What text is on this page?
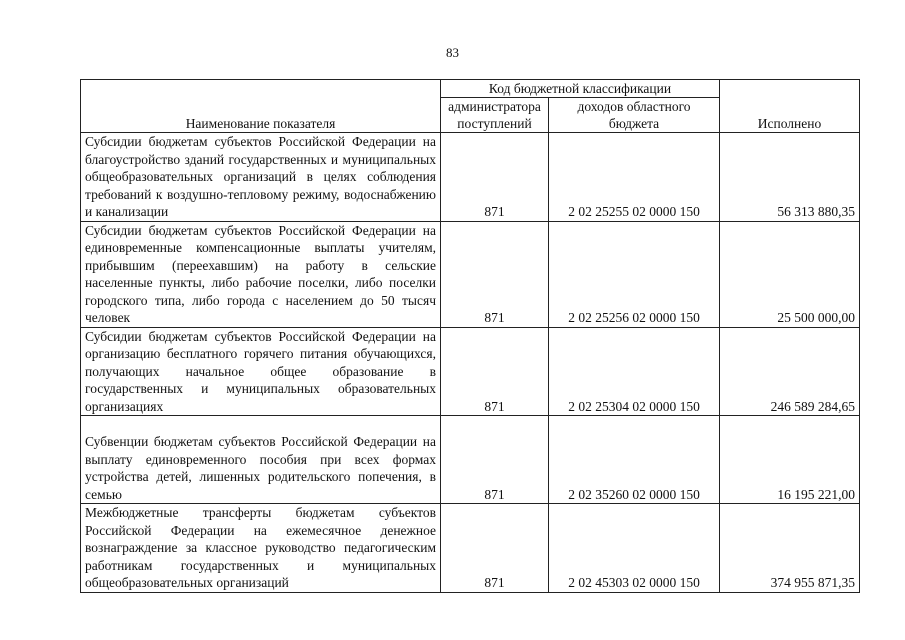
83
Наименование показателя	Код бюджетной классификации		Исполнено
	администратора поступлений	доходов областного бюджета	
Субсидии бюджетам субъектов Российской Федерации на благоустройство зданий государственных и муниципальных общеобразовательных организаций в целях соблюдения требований к воздушно-тепловому режиму, водоснабжению и канализации	871	2 02 25255 02 0000 150	56 313 880,35
Субсидии бюджетам субъектов Российской Федерации на единовременные компенсационные выплаты учителям, прибывшим (переехавшим) на работу в сельские населенные пункты, либо рабочие поселки, либо поселки городского типа, либо города с населением до 50 тысяч человек	871	2 02 25256 02 0000 150	25 500 000,00
Субсидии бюджетам субъектов Российской Федерации на организацию бесплатного горячего питания обучающихся, получающих начальное общее образование в государственных и муниципальных образовательных организациях	871	2 02 25304 02 0000 150	246 589 284,65
Субвенции бюджетам субъектов Российской Федерации на выплату единовременного пособия при всех формах устройства детей, лишенных родительского попечения, в семью	871	2 02 35260 02 0000 150	16 195 221,00
Межбюджетные трансферты бюджетам субъектов Российской Федерации на ежемесячное денежное вознаграждение за классное руководство педагогическим работникам государственных и муниципальных общеобразовательных организаций	871	2 02 45303 02 0000 150	374 955 871,35
